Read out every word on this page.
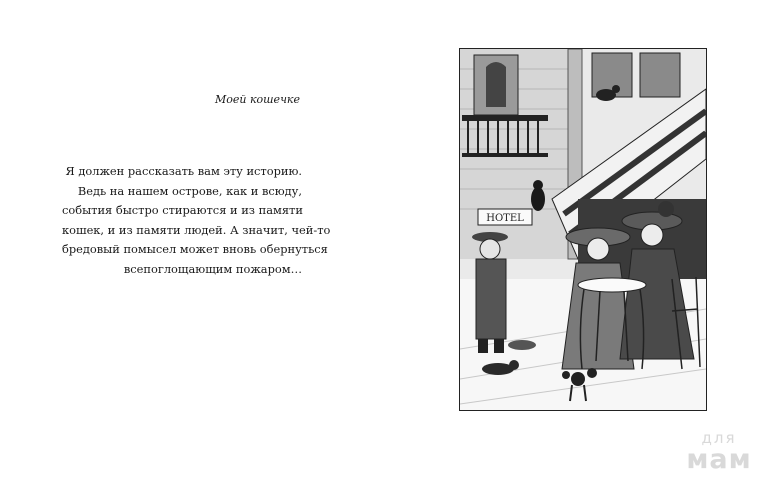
Моей кошечке
Я должен рассказать вам эту историю.
Ведь на нашем острове, как и всюду,
события быстро стираются и из памяти
кошек, и из памяти людей. А значит, чей-то
бредовый помысел может вновь обернуться
всепоглощающим пожаром…
HOTEL
для
мам
